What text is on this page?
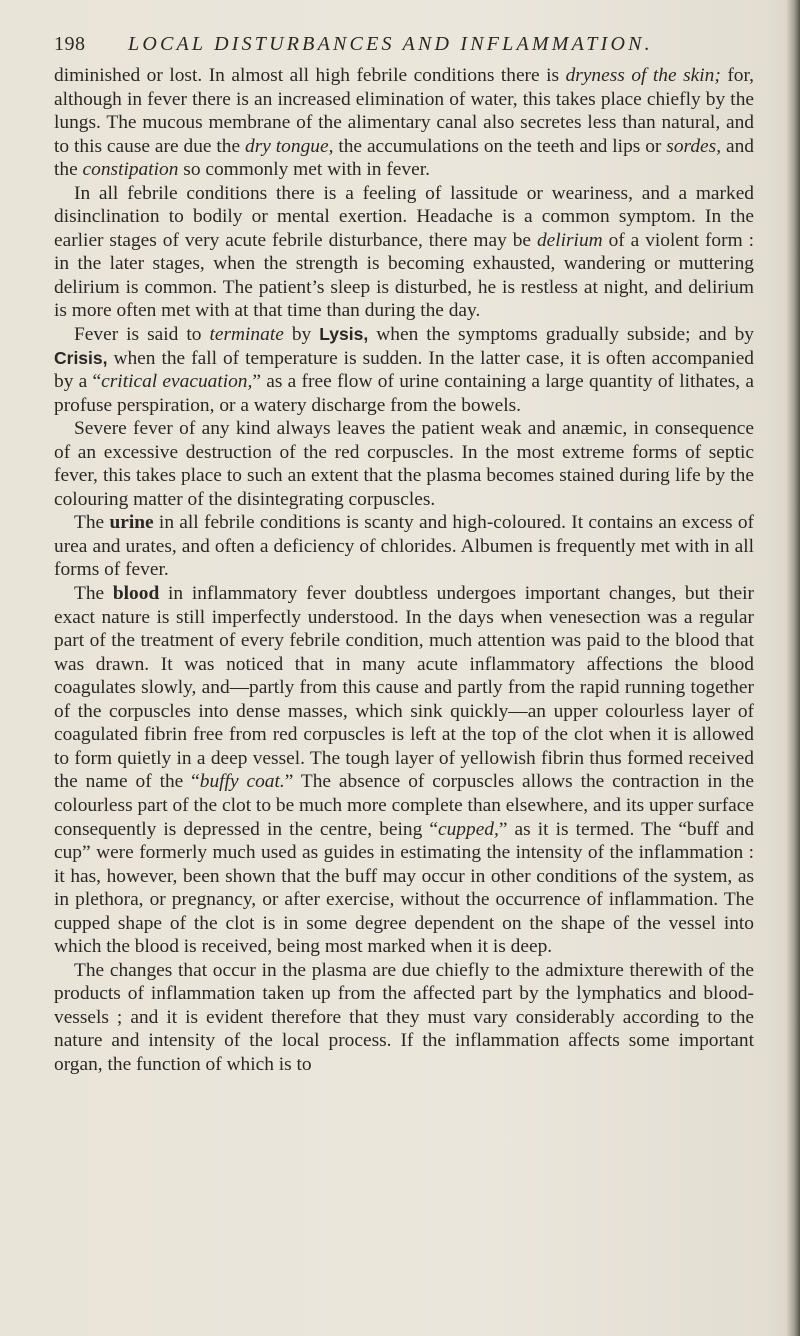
198 LOCAL DISTURBANCES AND INFLAMMATION.

diminished or lost. In almost all high febrile conditions there is dryness of the skin; for, although in fever there is an increased elimination of water, this takes place chiefly by the lungs. The mucous membrane of the alimentary canal also secretes less than natural, and to this cause are due the dry tongue, the accumulations on the teeth and lips or sordes, and the constipation so commonly met with in fever.

In all febrile conditions there is a feeling of lassitude or weariness, and a marked disinclination to bodily or mental exertion. Headache is a common symptom. In the earlier stages of very acute febrile disturbance, there may be delirium of a violent form : in the later stages, when the strength is becoming exhausted, wandering or muttering delirium is common. The patient’s sleep is disturbed, he is restless at night, and delirium is more often met with at that time than during the day.

Fever is said to terminate by Lysis, when the symptoms gradually subside; and by Crisis, when the fall of temperature is sudden. In the latter case, it is often accompanied by a “critical evacuation,” as a free flow of urine containing a large quantity of lithates, a profuse perspiration, or a watery discharge from the bowels.

Severe fever of any kind always leaves the patient weak and anæmic, in consequence of an excessive destruction of the red corpuscles. In the most extreme forms of septic fever, this takes place to such an extent that the plasma becomes stained during life by the colouring matter of the disintegrating corpuscles.

The urine in all febrile conditions is scanty and high-coloured. It contains an excess of urea and urates, and often a deficiency of chlorides. Albumen is frequently met with in all forms of fever.

The blood in inflammatory fever doubtless undergoes important changes, but their exact nature is still imperfectly understood. In the days when venesection was a regular part of the treatment of every febrile condition, much attention was paid to the blood that was drawn. It was noticed that in many acute inflammatory affections the blood coagulates slowly, and—partly from this cause and partly from the rapid running together of the corpuscles into dense masses, which sink quickly—an upper colourless layer of coagulated fibrin free from red corpuscles is left at the top of the clot when it is allowed to form quietly in a deep vessel. The tough layer of yellowish fibrin thus formed received the name of the “buffy coat.” The absence of corpuscles allows the contraction in the colourless part of the clot to be much more complete than elsewhere, and its upper surface consequently is depressed in the centre, being “cupped,” as it is termed. The “buff and cup” were formerly much used as guides in estimating the intensity of the inflammation : it has, however, been shown that the buff may occur in other conditions of the system, as in plethora, or pregnancy, or after exercise, without the occurrence of inflammation. The cupped shape of the clot is in some degree dependent on the shape of the vessel into which the blood is received, being most marked when it is deep.

The changes that occur in the plasma are due chiefly to the admixture therewith of the products of inflammation taken up from the affected part by the lymphatics and blood-vessels ; and it is evident therefore that they must vary considerably according to the nature and intensity of the local process. If the inflammation affects some important organ, the function of which is to
